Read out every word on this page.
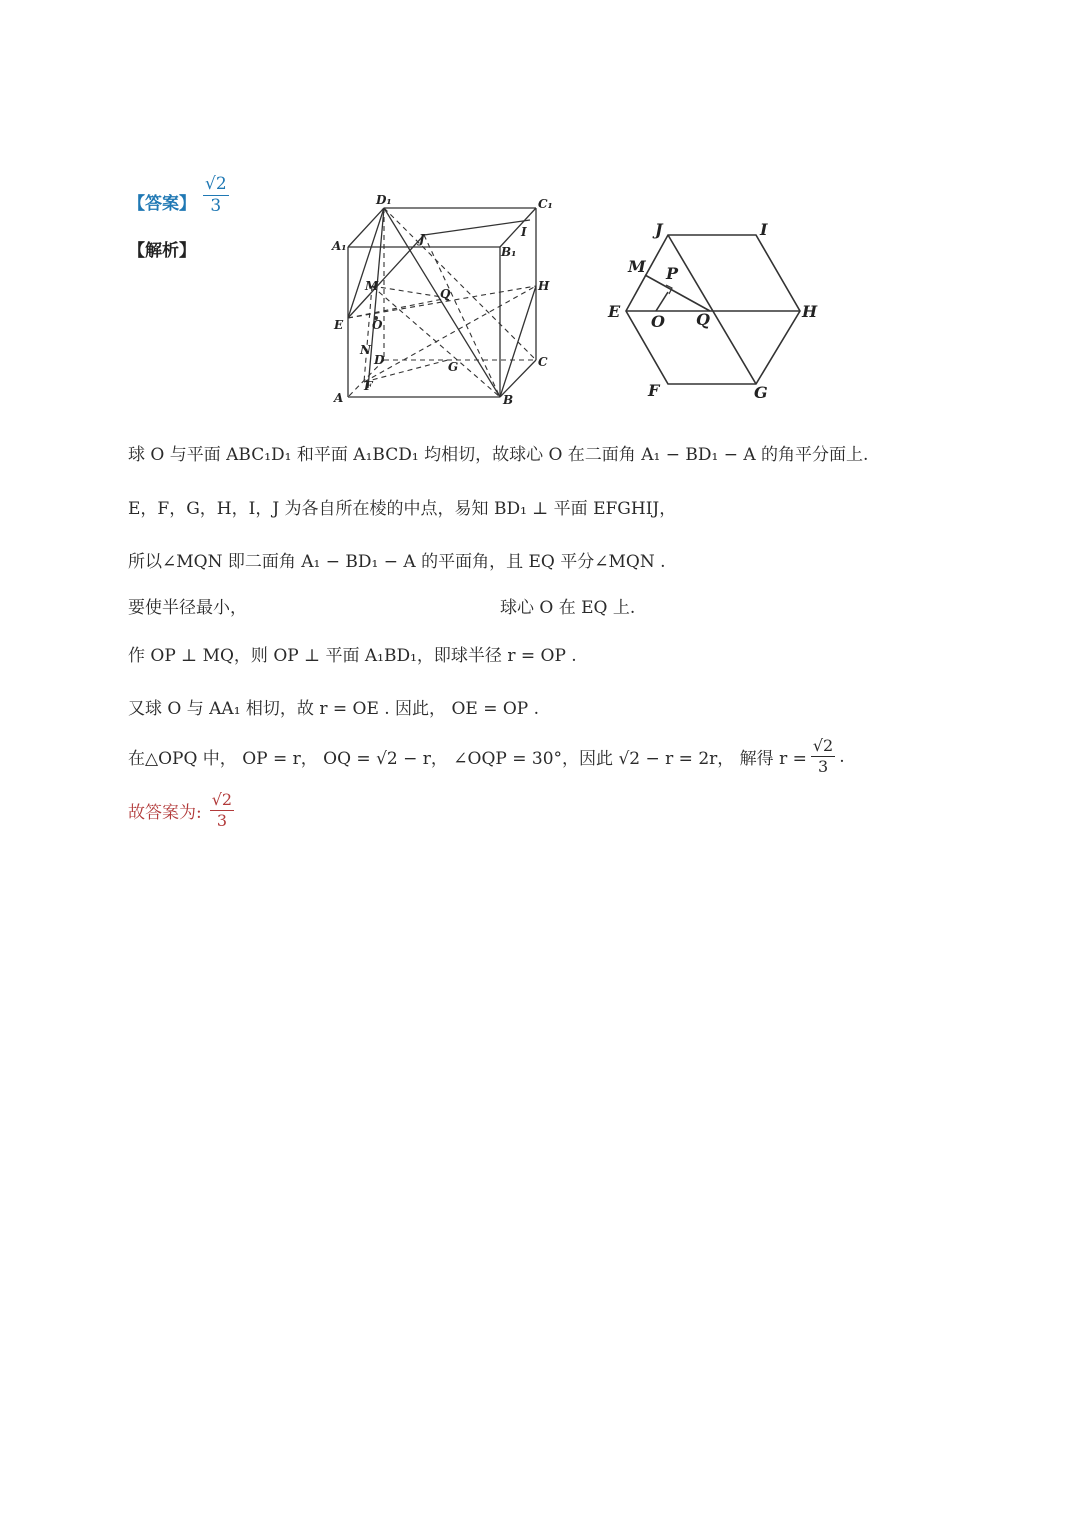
【答案】 $\frac{√2}{3}$
【解析】
D₁	C₁
A₁	B₁
J	I
H
M
Q
E O
N
D	G	C
F
A	B
J	I
M P
E
O Q	H
F	G
球 O 与平面 ABC₁D₁ 和平面 A₁BCD₁ 均相切，故球心 O 在二面角 A₁ − BD₁ − A 的角平分面上.
E，F，G，H，I，J 为各自所在棱的中点，易知 BD₁ ⊥ 平面 EFGHIJ，
所以∠MQN 即二面角 A₁ − BD₁ − A 的平面角，且 EQ 平分∠MQN .
要使半径最小，	球心 O 在 EQ 上.
作 OP ⊥ MQ，则 OP ⊥ 平面 A₁BD₁，即球半径 r = OP .
又球 O 与 AA₁ 相切，故 r = OE . 因此， OE = OP .
在△OPQ 中， OP = r， OQ = √2 − r， ∠OQP = 30°，因此 √2 − r = 2r， 解得 $r = \frac{√2}{3}$ .
故答案为: $\frac{√2}{3}$
